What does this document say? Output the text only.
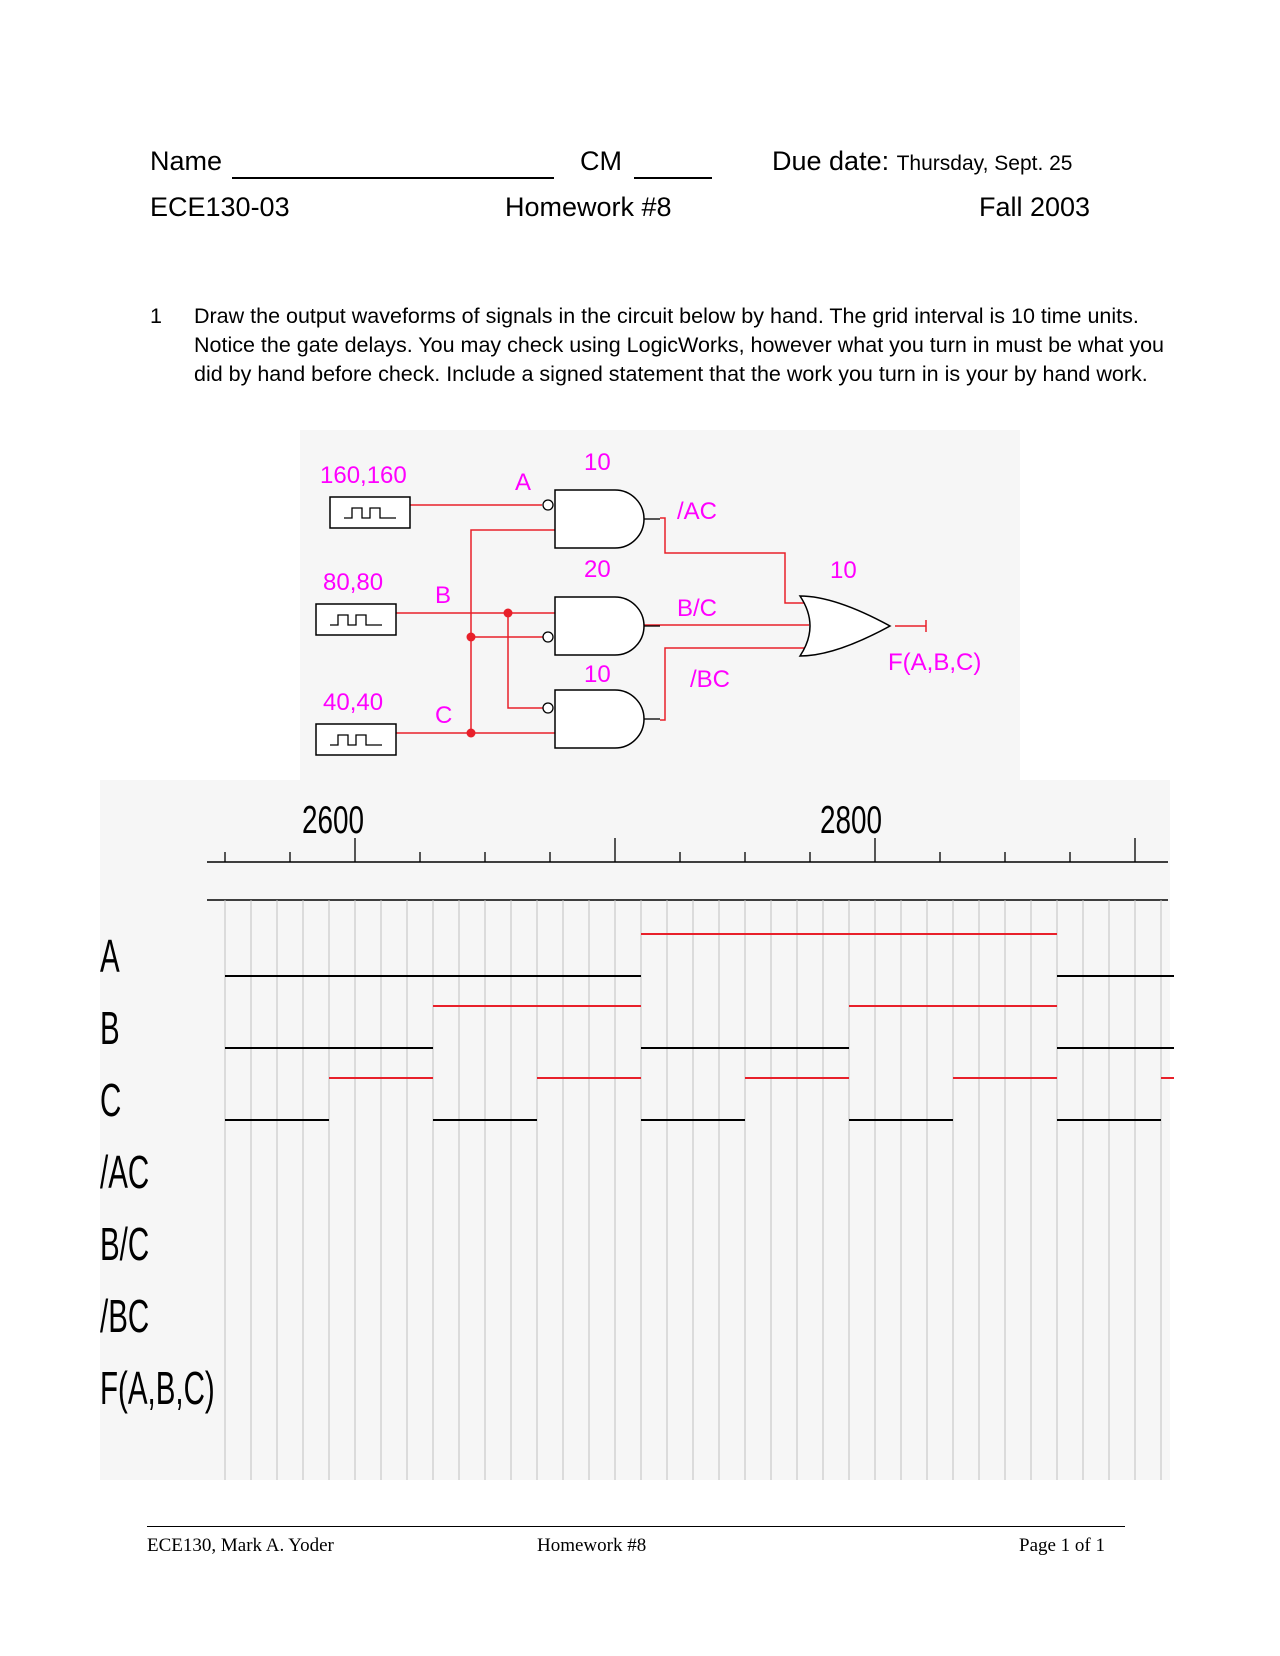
Name	CM	Due date: Thursday, Sept. 25
ECE130-03	Homework #8	Fall 2003
1 Draw the output waveforms of signals in the circuit below by hand. The grid interval is 10 time units. Notice the gate delays. You may check using LogicWorks, however what you turn in must be what you did by hand before check. Include a signed statement that the work you turn in is your by hand work.
160,160
80,80
40,40
A
B
C
10
20
10
10
/AC
B/C
/BC
F(A,B,C)
2600	2800
A
B
C
/AC
B/C
/BC
F(A,B,C)
ECE130, Mark A. Yoder	Homework #8	Page 1 of 1
